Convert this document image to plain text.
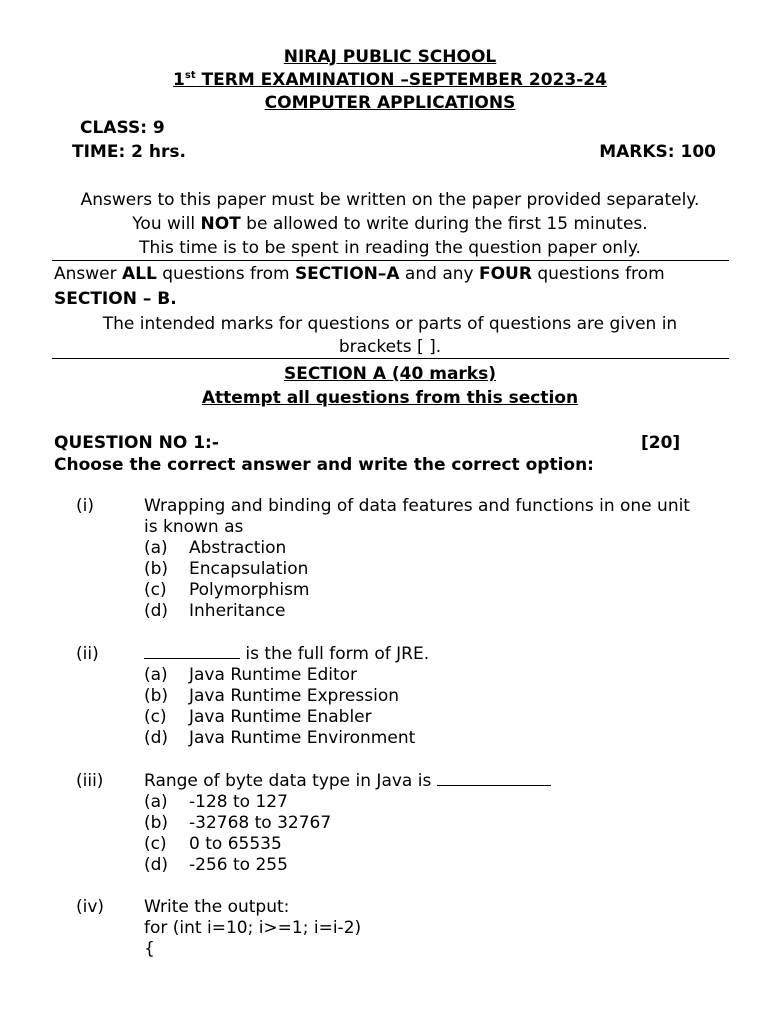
NIRAJ PUBLIC SCHOOL
1st TERM EXAMINATION –SEPTEMBER 2023-24
COMPUTER APPLICATIONS
CLASS: 9
TIME: 2 hrs.	MARKS: 100
Answers to this paper must be written on the paper provided separately.
You will NOT be allowed to write during the first 15 minutes.
This time is to be spent in reading the question paper only.
Answer ALL questions from SECTION–A and any FOUR questions from
SECTION – B.
The intended marks for questions or parts of questions are given in
brackets [ ].
SECTION A (40 marks)
Attempt all questions from this section
QUESTION NO 1:-	[20]
Choose the correct answer and write the correct option:
(i)	Wrapping and binding of data features and functions in one unit
is known as
(a) Abstraction
(b) Encapsulation
(c) Polymorphism
(d) Inheritance
(ii)	is the full form of JRE.
(a) Java Runtime Editor
(b) Java Runtime Expression
(c) Java Runtime Enabler
(d) Java Runtime Environment
(iii) Range of byte data type in Java is
(a) -128 to 127
(b) -32768 to 32767
(c) 0 to 65535
(d) -256 to 255
(iv) Write the output:
for (int i=10; i>=1; i=i-2)
{
